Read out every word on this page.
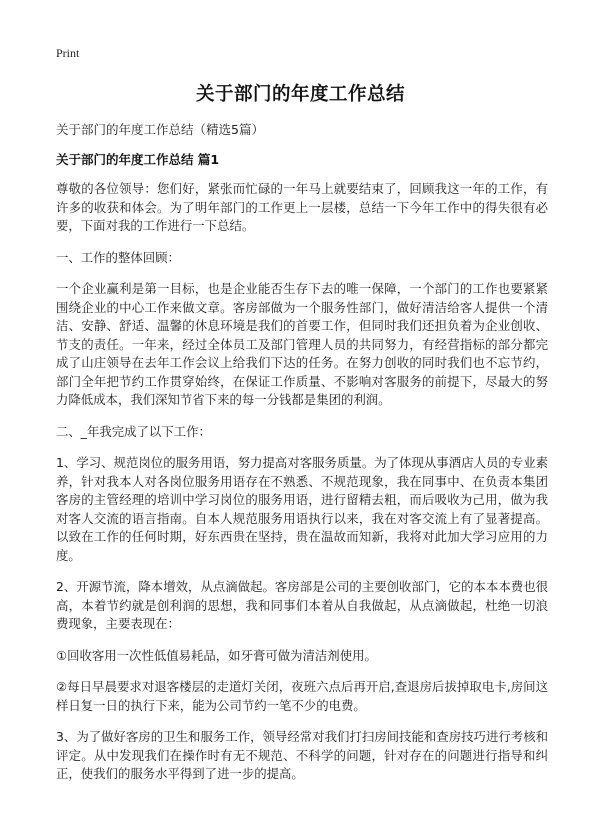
Print
关于部门的年度工作总结
关于部门的年度工作总结（精选5篇）
关于部门的年度工作总结 篇1

尊敬的各位领导：您们好，紧张而忙碌的一年马上就要结束了，回顾我这一年的工作，有许多的收获和体会。为了明年部门的工作更上一层楼，总结一下今年工作中的得失很有必要，下面对我的工作进行一下总结。

一、工作的整体回顾：

一个企业赢利是第一目标，也是企业能否生存下去的唯一保障，一个部门的工作也要紧紧围绕企业的中心工作来做文章。客房部做为一个服务性部门，做好清洁给客人提供一个清洁、安静、舒适、温馨的休息环境是我们的首要工作，但同时我们还担负着为企业创收、节支的责任。一年来，经过全体员工及部门管理人员的共同努力，有经营指标的部分都完成了山庄领导在去年工作会议上给我们下达的任务。在努力创收的同时我们也不忘节约，部门全年把节约工作贯穿始终，在保证工作质量、不影响对客服务的前提下，尽最大的努力降低成本，我们深知节省下来的每一分钱都是集团的利润。

二、_年我完成了以下工作：

1、学习、规范岗位的服务用语，努力提高对客服务质量。为了体现从事酒店人员的专业素养，针对我本人对各岗位服务用语存在不熟悉、不规范现象，我在同事中、在负责本集团客房的主管经理的培训中学习岗位的服务用语，进行留精去粗，而后吸收为己用，做为我对客人交流的语言指南。自本人规范服务用语执行以来，我在对客交流上有了显著提高。以致在工作的任何时期，好东西贵在坚持，贵在温故而知新，我将对此加大学习应用的力度。

2、开源节流，降本增效，从点滴做起。客房部是公司的主要创收部门，它的本本本费也很高，本着节约就是创利润的思想，我和同事们本着从自我做起，从点滴做起，杜绝一切浪费现象，主要表现在：

①回收客用一次性低值易耗品，如牙膏可做为清洁剂使用。

②每日早晨要求对退客楼层的走道灯关闭，夜班六点后再开启,查退房后拔掉取电卡,房间这样日复一日的执行下来，能为公司节约一笔不少的电费。

3、为了做好客房的卫生和服务工作，领导经常对我们打扫房间技能和查房技巧进行考核和评定。从中发现我们在操作时有无不规范、不科学的问题，针对存在的问题进行指导和纠正，使我们的服务水平得到了进一步的提高。
